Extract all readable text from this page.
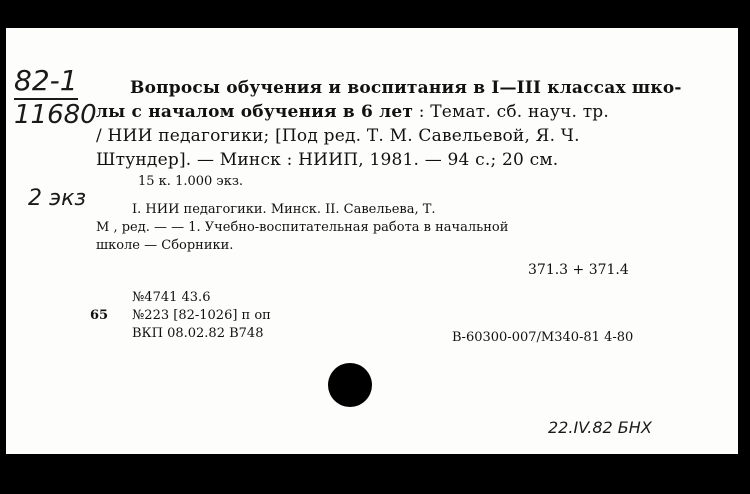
82-1
11680
2 экз
Вопросы обучения и воспитания в I—III классах шко-
лы с началом обучения в 6 лет : Темат. сб. науч. тр.
/ НИИ педагогики; [Под ред. Т. М. Савельевой, Я. Ч.
Штундер]. — Минск : НИИП, 1981. — 94 с.; 20 см.
15 к. 1.000 экз.
I. НИИ педагогики. Минск. II. Савельева, Т.
М , ред. — — 1. Учебно-воспитательная работа в начальной
школе — Сборники.
371.3 + 371.4
№4741 43.6
65 №223 [82-1026] п оп
ВКП 08.02.82 В748	В-60300-007/М340-81 4-80
22.IV.82 БНХ
